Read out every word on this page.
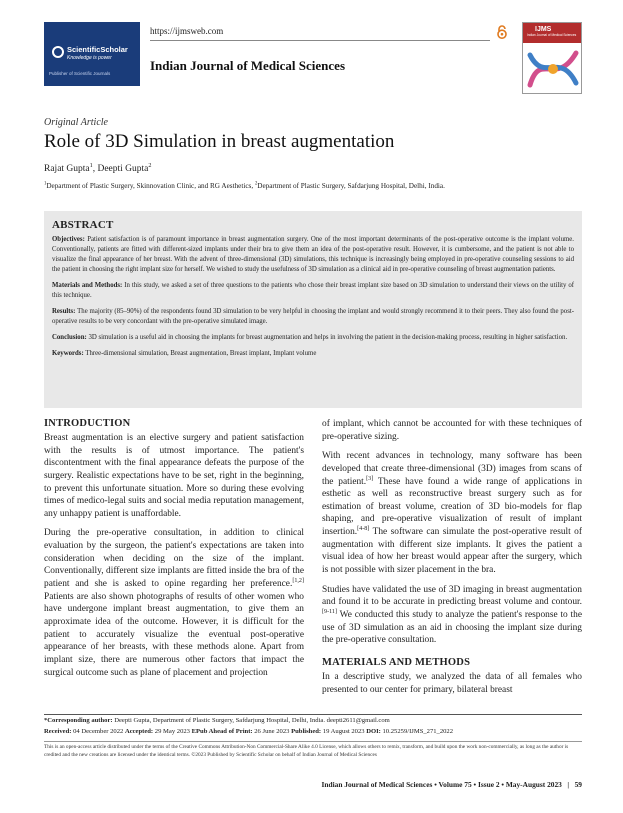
ScientificScholar
Knowledge is power
Publisher of Scientific Journals
https://ijmsweb.com
Indian Journal of Medical Sciences
IJMS
Indian Journal of Medical Sciences
Original Article
Role of 3D Simulation in breast augmentation
Rajat Gupta$^1$, Deepti Gupta$^2$
$^1$Department of Plastic Surgery, Skinnovation Clinic, and RG Aesthetics, $^2$Department of Plastic Surgery, Safdarjung Hospital, Delhi, India.
ABSTRACT

Objectives: Patient satisfaction is of paramount importance in breast augmentation surgery. One of the most important determinants of the post-operative outcome is the implant volume. Conventionally, patients are fitted with different-sized implants under their bra to give them an idea of the post-operative result. However, it is cumbersome, and the patient is not able to visualize the final appearance of her breast. With the advent of three-dimensional (3D) simulations, this technique is increasingly being employed in pre-operative counseling sessions to aid the patient in choosing the right implant size for herself. We wished to study the usefulness of 3D simulation as a clinical aid in pre-operative counseling of breast augmentation patients.

Materials and Methods: In this study, we asked a set of three questions to the patients who chose their breast implant size based on 3D simulation to understand their views on the utility of this technique.

Results: The majority (85–90%) of the respondents found 3D simulation to be very helpful in choosing the implant and would strongly recommend it to their peers. They also found the post-operative results to be very concordant with the pre-operative simulated image.

Conclusion: 3D simulation is a useful aid in choosing the implants for breast augmentation and helps in involving the patient in the decision-making process, resulting in higher satisfaction.

Keywords: Three-dimensional simulation, Breast augmentation, Breast implant, Implant volume

INTRODUCTION

Breast augmentation is an elective surgery and patient satisfaction with the results is of utmost importance. The patient's discontentment with the final appearance defeats the purpose of the surgery. Realistic expectations have to be set, right in the beginning, to prevent this unfortunate situation. More so during these evolving times of medico-legal suits and social media reputation management, any unhappy patient is unaffordable.

During the pre-operative consultation, in addition to clinical evaluation by the surgeon, the patient's expectations are taken into consideration when deciding on the size of the implant. Conventionally, different size implants are fitted inside the bra of the patient and she is asked to opine regarding her preference.[1,2] Patients are also shown photographs of results of other women who have undergone implant breast augmentation, to give them an approximate idea of the outcome. However, it is difficult for the patient to accurately visualize the eventual post-operative appearance of her breasts, with these methods alone. Apart from implant size, there are numerous other factors that impact the surgical outcome such as plane of placement and projection

of implant, which cannot be accounted for with these techniques of pre-operative sizing.

With recent advances in technology, many software has been developed that create three-dimensional (3D) images from scans of the patient.[3] These have found a wide range of applications in esthetic as well as reconstructive breast surgery such as for estimation of breast volume, creation of 3D bio-models for flap shaping, and pre-operative visualization of result of implant insertion.[4-8] The software can simulate the post-operative result of augmentation with different size implants. It gives the patient a visual idea of how her breast would appear after the surgery, which is not possible with sizer placement in the bra.

Studies have validated the use of 3D imaging in breast augmentation and found it to be accurate in predicting breast volume and contour.[9-11] We conducted this study to analyze the patient's response to the use of 3D simulation as an aid in choosing the implant size during the pre-operative consultation.

MATERIALS AND METHODS

In a descriptive study, we analyzed the data of all females who presented to our center for primary, bilateral breast

*Corresponding author: Deepti Gupta, Department of Plastic Surgery, Safdarjung Hospital, Delhi, India. deepti2611@gmail.com
Received: 04 December 2022 Accepted: 29 May 2023 EPub Ahead of Print: 26 June 2023 Published: 19 August 2023 DOI: 10.25259/IJMS_271_2022
This is an open-access article distributed under the terms of the Creative Commons Attribution-Non Commercial-Share Alike 4.0 License, which allows others to remix, transform, and build upon the work non-commercially, as long as the author is credited and the new creations are licensed under the identical terms. ©2023 Published by Scientific Scholar on behalf of Indian Journal of Medical Sciences
Indian Journal of Medical Sciences • Volume 75 • Issue 2 • May-August 2023 | 59
